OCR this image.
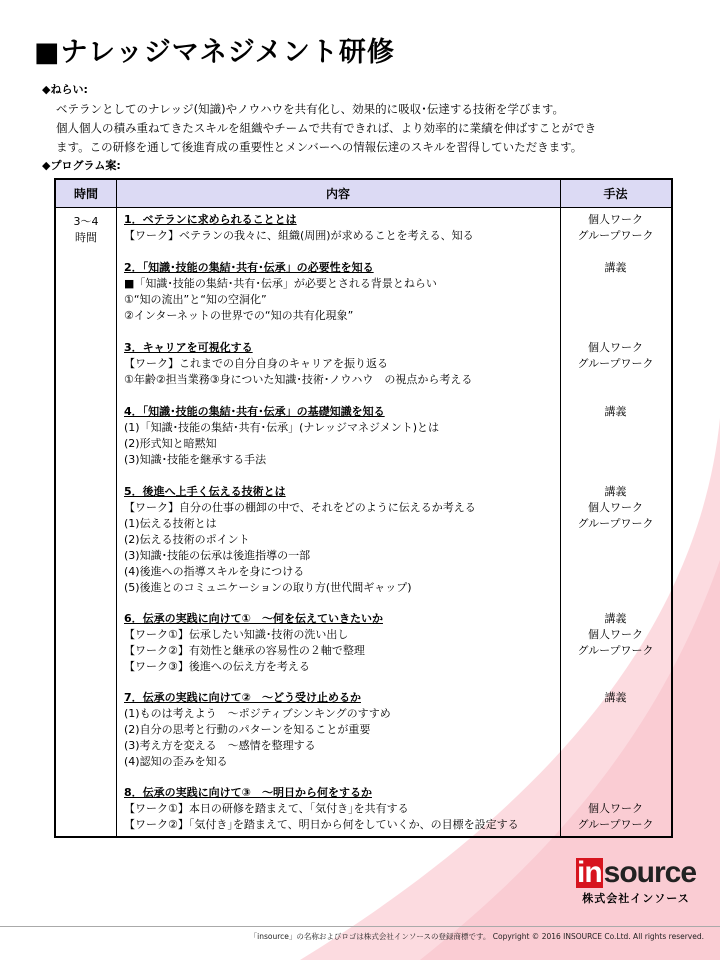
■ナレッジマネジメント研修
◆ねらい:
ベテランとしてのナレッジ(知識)やノウハウを共有化し、効果的に吸収･伝達する技術を学びます。
個人個人の積み重ねてきたスキルを組織やチームで共有できれば、より効率的に業績を伸ばすことができ
ます。この研修を通して後進育成の重要性とメンバーへの情報伝達のスキルを習得していただきます。
◆プログラム案:
時間	内容	手法
3～4
時間
1．ベテランに求められることとは
【ワーク】ベテランの我々に、組織(周囲)が求めることを考える、知る
個人ワーク
グループワーク
2．「知識･技能の集結･共有･伝承」の必要性を知る
■「知識･技能の集結･共有･伝承」が必要とされる背景とねらい
①“知の流出”と“知の空洞化”
②インターネットの世界での“知の共有化現象”
講義
3．キャリアを可視化する
【ワーク】これまでの自分自身のキャリアを振り返る
①年齢②担当業務③身についた知識･技術･ノウハウ　の視点から考える
個人ワーク
グループワーク
4．「知識･技能の集結･共有･伝承」の基礎知識を知る
(1)「知識･技能の集結･共有･伝承」(ナレッジマネジメント)とは
(2)形式知と暗黙知
(3)知識･技能を継承する手法
講義
5．後進へ上手く伝える技術とは
【ワーク】自分の仕事の棚卸の中で、それをどのように伝えるか考える
(1)伝える技術とは
(2)伝える技術のポイント
(3)知識･技能の伝承は後進指導の一部
(4)後進への指導スキルを身につける
(5)後進とのコミュニケーションの取り方(世代間ギャップ)
講義
個人ワーク
グループワーク
6．伝承の実践に向けて①　～何を伝えていきたいか
【ワーク①】伝承したい知識･技術の洗い出し
【ワーク②】有効性と継承の容易性の２軸で整理
【ワーク③】後進への伝え方を考える
講義
個人ワーク
グループワーク
7．伝承の実践に向けて②　～どう受け止めるか
(1)ものは考えよう　～ポジティブシンキングのすすめ
(2)自分の思考と行動のパターンを知ることが重要
(3)考え方を変える　～感情を整理する
(4)認知の歪みを知る
講義
8．伝承の実践に向けて③　～明日から何をするか
【ワーク①】本日の研修を踏まえて、｢気付き｣を共有する
【ワーク②】｢気付き｣を踏まえて、明日から何をしていくか、の目標を設定する
個人ワーク
グループワーク
in source
株式会社インソース
「insource」の名称およびロゴは株式会社インソースの登録商標です。 Copyright © 2016 INSOURCE Co.Ltd. All rights reserved.
